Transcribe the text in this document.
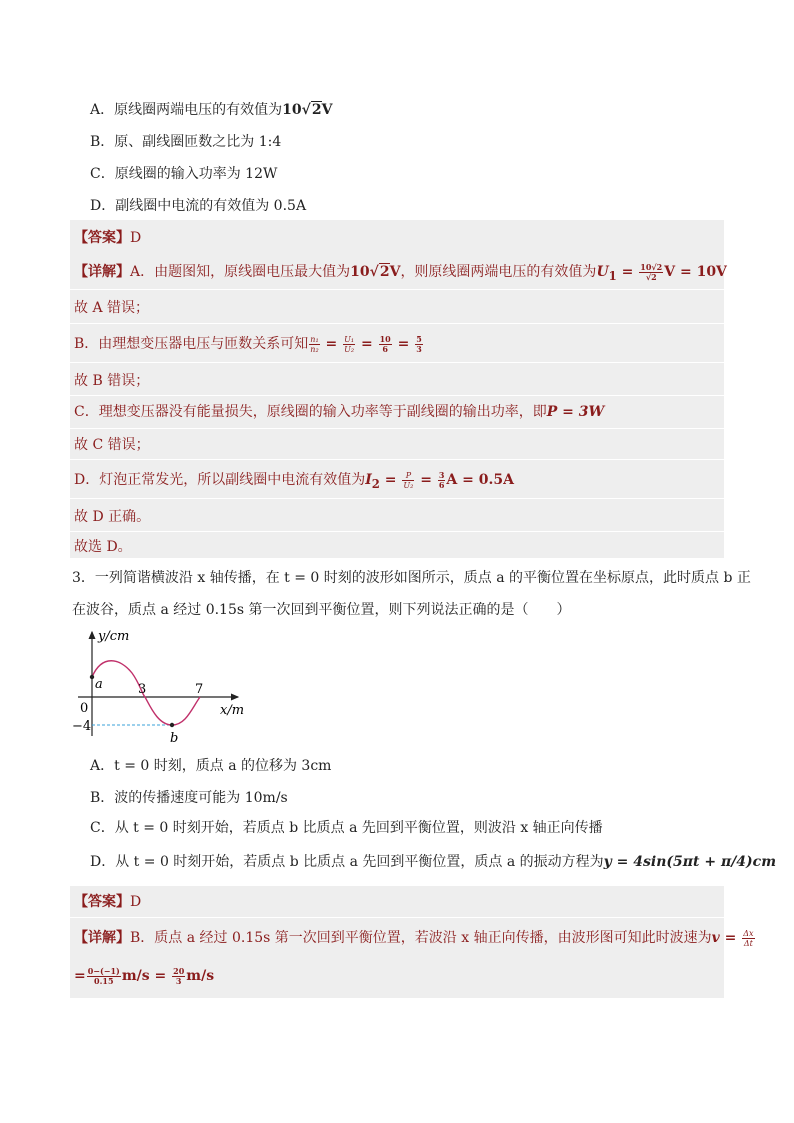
A．原线圈两端电压的有效值为10√2V
B．原、副线圈匝数之比为 1:4
C．原线圈的输入功率为 12W
D．副线圈中电流的有效值为 0.5A
【答案】D
【详解】A．由题图知，原线圈电压最大值为10√2V，则原线圈两端电压的有效值为$U_1 = \frac{10√2}{√2}$ V = 10V
故 A 错误；
B．由理想变压器电压与匝数关系可知 $\frac{\text{n₁}}{\text{n₂}} = \frac{\text{U₁}}{\text{U₂}} = \frac{10}{6} = \frac{5}{3}$
故 B 错误；
C．理想变压器没有能量损失，原线圈的输入功率等于副线圈的输出功率，即P = 3W
故 C 错误；
D．灯泡正常发光，所以副线圈中电流有效值为$I_2 = \frac{P}{\text{U₂}} = \frac{3}{6}$ A = 0.5A
故 D 正确。
故选 D。
3．一列简谐横波沿 x 轴传播，在 t = 0 时刻的波形如图所示，质点 a 的平衡位置在坐标原点，此时质点 b 正
在波谷，质点 a 经过 0.15s 第一次回到平衡位置，则下列说法正确的是（　　）
y/cm
x/m
0
3	7
−4
a
b
A．t = 0 时刻，质点 a 的位移为 3cm
B．波的传播速度可能为 10m/s
C．从 t = 0 时刻开始，若质点 b 比质点 a 先回到平衡位置，则波沿 x 轴正向传播
D．从 t = 0 时刻开始，若质点 b 比质点 a 先回到平衡位置，质点 a 的振动方程为y = 4sin(5πt + π/4)cm
【答案】D
【详解】B．质点 a 经过 0.15s 第一次回到平衡位置，若波沿 x 轴正向传播，由波形图可知此时波速为$v = \frac{\Delta x}{\Delta t}$
= $\frac{0-(-1)}{0.15} m/s = \frac{20}{3} m/s$
